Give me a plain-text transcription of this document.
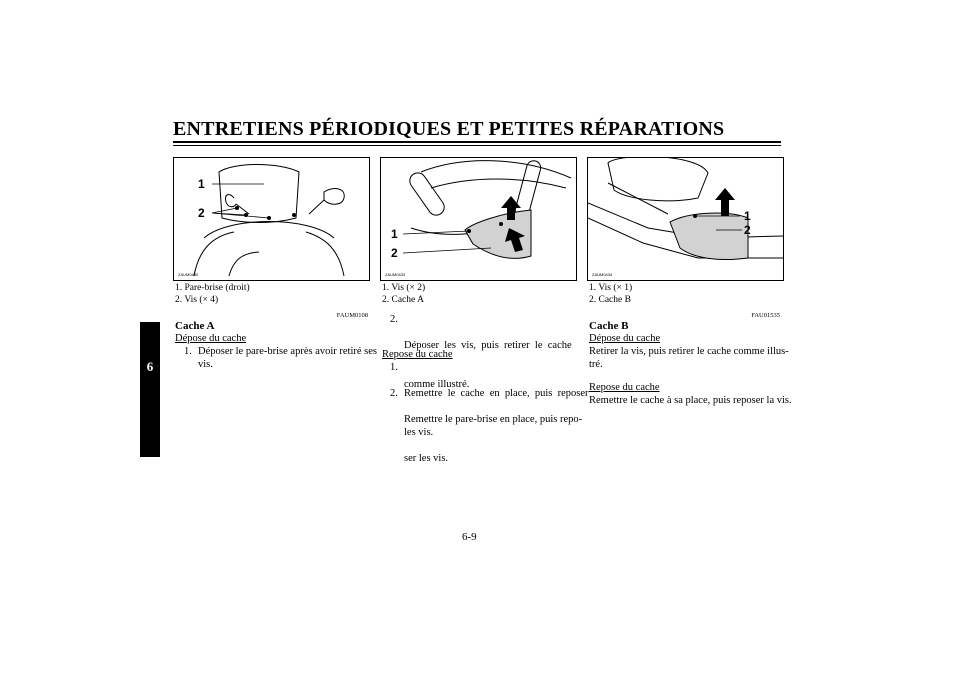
ENTRETIENS PÉRIODIQUES ET PETITES RÉPARATIONS
6
1
2
ZAUM0430
1
2
ZAUM0433
1
2
ZAUM0434
1. Pare-brise (droit)
2. Vis (× 4)
FAUM0108
Cache A
Dépose du cache
1. Déposer le pare-brise après avoir retiré ses
vis.
1. Vis (× 2)
2. Cache A
2.

Déposer  les  vis,  puis  retirer  le  cache

comme illustré.

Repose du cache
1.

Remettre  le  cache  en  place,  puis  reposer

les vis.

2.

Remettre le pare-brise en place, puis repo-

ser les vis.

1. Vis (× 1)
2. Cache B
FAU01535
Cache B
Dépose du cache
Retirer la vis, puis retirer le cache comme illus-
tré.
Repose du cache
Remettre le cache à sa place, puis reposer la vis.
6-9
